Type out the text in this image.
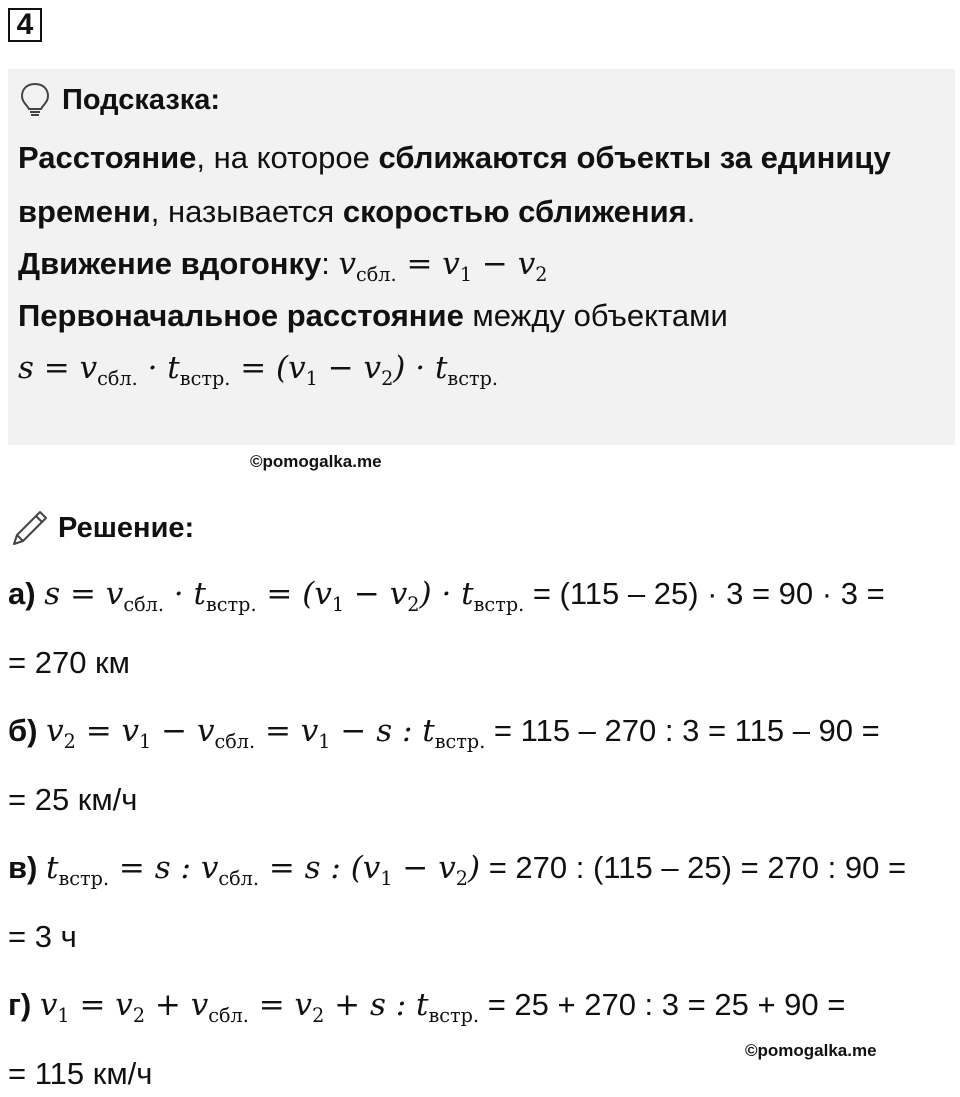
4
Подсказка:
Расстояние, на которое сближаются объекты за единицу
времени, называется скоростью сближения.
Движение вдогонку: $v_{сбл.} = v_1 - v_2$
Первоначальное расстояние между объектами
$s = v_{сбл.} \cdot t_{встр.} = (v_1 - v_2) \cdot t_{встр.}$
©pomogalka.me
Решение:
а) $s = v_{сбл.} \cdot t_{встр.} = (v_1 - v_2) \cdot t_{встр.} = (115 - 25) \cdot 3 = 90 \cdot 3$ =
= 270 км
б) $v_2 = v_1 - v_{сбл.} = v_1 - s$ : $t_{встр.} = 115 - 270$ : 3 = 115 – 90 =
= 25 км/ч
в) $t_{встр.} = s$ : $v_{сбл.} = s$ : $(v_1 - v_2) = 270$ : (115 – 25) = 270 : 90 =
= 3 ч
г) $v_1 = v_2 + v_{сбл.} = v_2 + s$ : $t_{встр.} = 25 + 270$ : 3 = 25 + 90 =
= 115 км/ч
©pomogalka.me
